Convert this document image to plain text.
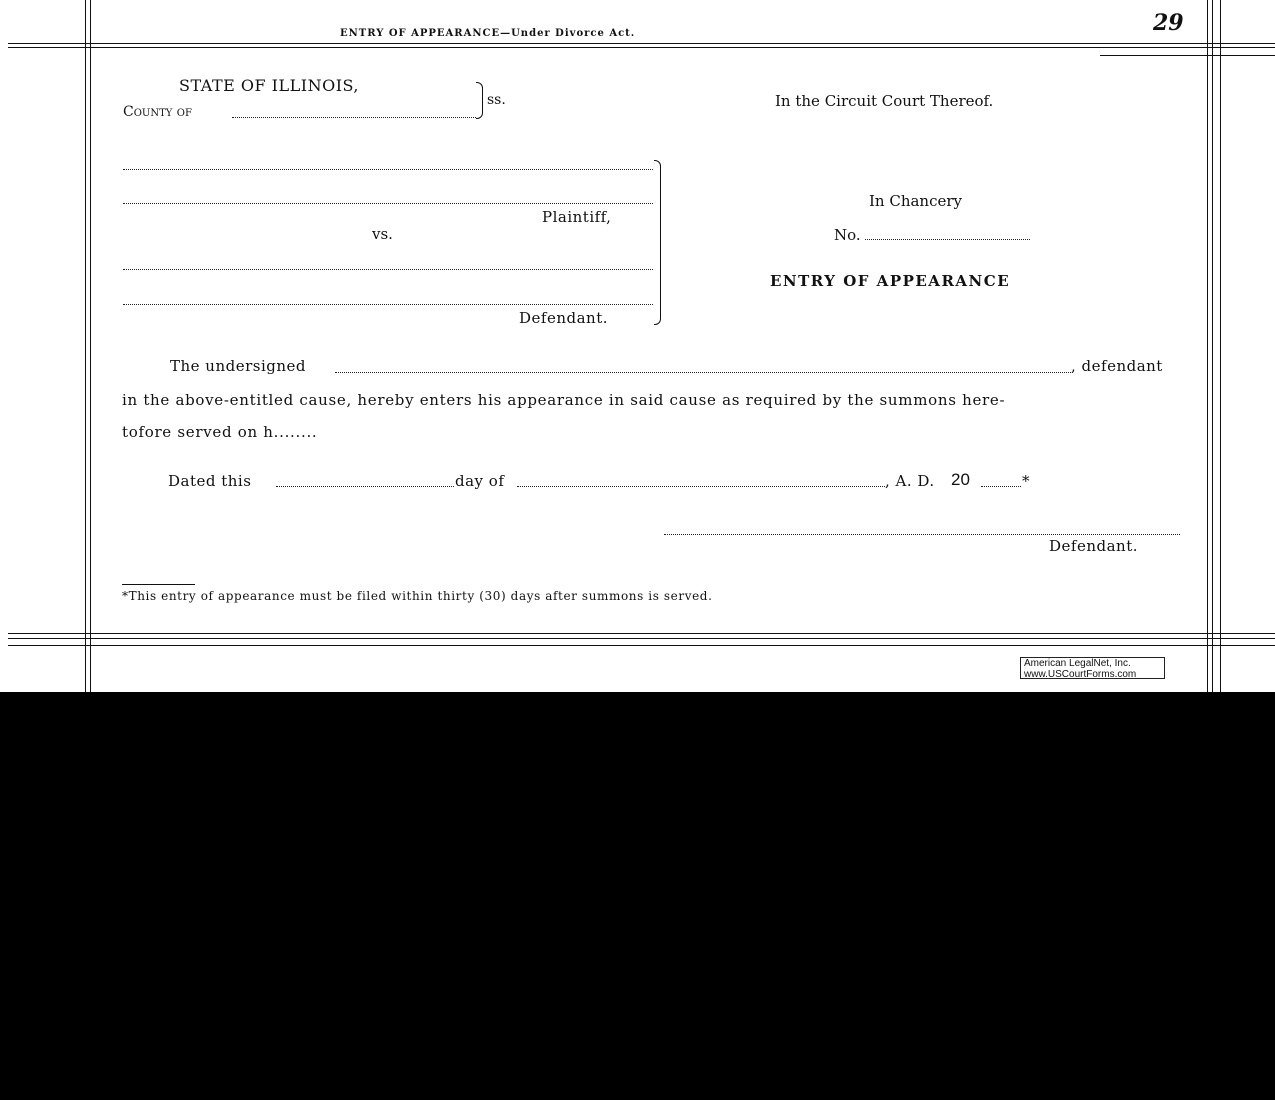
ENTRY OF APPEARANCE—Under Divorce Act.	29
STATE OF ILLINOIS,
County of
ss.	In the Circuit Court Thereof.
Plaintiff,
vs.
Defendant.
In Chancery
No.
ENTRY OF APPEARANCE
The undersigned	, defendant
in the above-entitled cause, hereby enters his appearance in said cause as required by the summons here-
tofore served on h........
Dated this	day of	, A. D. 20	*
Defendant.
*This entry of appearance must be filed within thirty (30) days after summons is served.
American LegalNet, Inc.
www.USCourtForms.com
